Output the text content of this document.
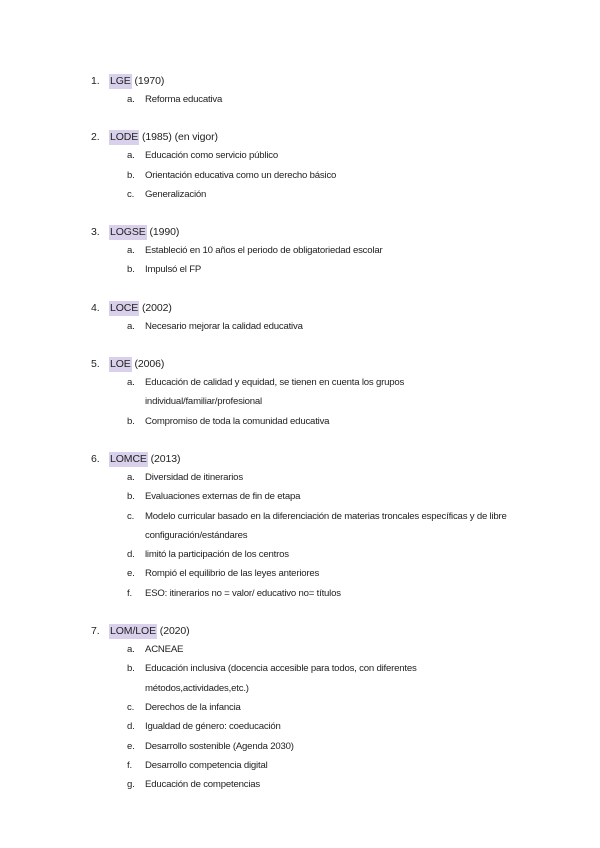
1. LGE (1970)
a. Reforma educativa
2. LODE (1985) (en vigor)
a. Educación como servicio público
b. Orientación educativa como un derecho básico
c. Generalización
3. LOGSE (1990)
a. Estableció en 10 años el periodo de obligatoriedad escolar
b. Impulsó el FP
4. LOCE (2002)
a. Necesario mejorar la calidad educativa
5. LOE (2006)
a. Educación de calidad y equidad, se tienen en cuenta los grupos individual/familiar/profesional
b. Compromiso de toda la comunidad educativa
6. LOMCE (2013)
a. Diversidad de itinerarios
b. Evaluaciones externas de fin de etapa
c. Modelo curricular basado en la diferenciación de materias troncales específicas y de libre configuración/estándares
d. limitó la participación de los centros
e. Rompió el equilibrio de las leyes anteriores
f. ESO: itinerarios no = valor/ educativo no= títulos
7. LOM/LOE (2020)
a. ACNEAE
b. Educación inclusiva (docencia accesible para todos, con diferentes métodos,actividades,etc.)
c. Derechos de la infancia
d. Igualdad de género: coeducación
e. Desarrollo sostenible (Agenda 2030)
f. Desarrollo competencia digital
g. Educación de competencias
